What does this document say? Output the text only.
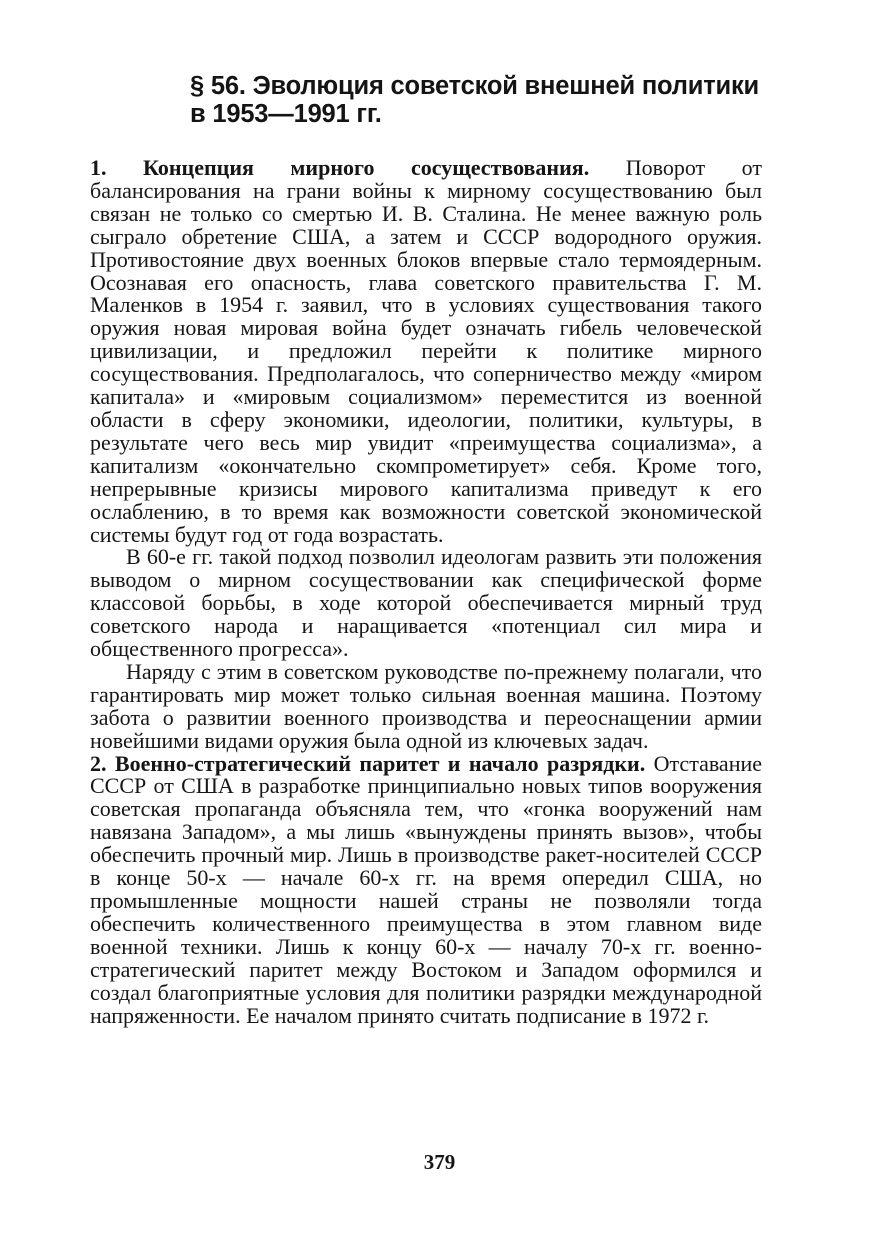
§ 56. Эволюция советской внешней политики
в 1953—1991 гг.

1. Концепция мирного сосуществования. Поворот от балансирования на грани войны к мирному сосуществованию был связан не только со смертью И. В. Сталина. Не менее важную роль сыграло обретение США, а затем и СССР водородного оружия. Противостояние двух военных блоков впервые стало термоядерным. Осознавая его опасность, глава советского правительства Г. М. Маленков в 1954 г. заявил, что в условиях существования такого оружия новая мировая война будет означать гибель человеческой цивилизации, и предложил перейти к политике мирного сосуществования. Предполагалось, что соперничество между «миром капитала» и «мировым социализмом» переместится из военной области в сферу экономики, идеологии, политики, культуры, в результате чего весь мир увидит «преимущества социализма», а капитализм «окончательно скомпрометирует» себя. Кроме того, непрерывные кризисы мирового капитализма приведут к его ослаблению, в то время как возможности советской экономической системы будут год от года возрастать.

В 60-е гг. такой подход позволил идеологам развить эти положения выводом о мирном сосуществовании как специфической форме классовой борьбы, в ходе которой обеспечивается мирный труд советского народа и наращивается «потенциал сил мира и общественного прогресса».

Наряду с этим в советском руководстве по-прежнему полагали, что гарантировать мир может только сильная военная машина. Поэтому забота о развитии военного производства и переоснащении армии новейшими видами оружия была одной из ключевых задач.

2. Военно-стратегический паритет и начало разрядки. Отставание СССР от США в разработке принципиально новых типов вооружения советская пропаганда объясняла тем, что «гонка вооружений нам навязана Западом», а мы лишь «вынуждены принять вызов», чтобы обеспечить прочный мир. Лишь в производстве ракет-носителей СССР в конце 50-х — начале 60-х гг. на время опередил США, но промышленные мощности нашей страны не позволяли тогда обеспечить количественного преимущества в этом главном виде военной техники. Лишь к концу 60-х — началу 70-х гг. военно-стратегический паритет между Востоком и Западом оформился и создал благоприятные условия для политики разрядки международной напряженности. Ее началом принято считать подписание в 1972 г.

379
